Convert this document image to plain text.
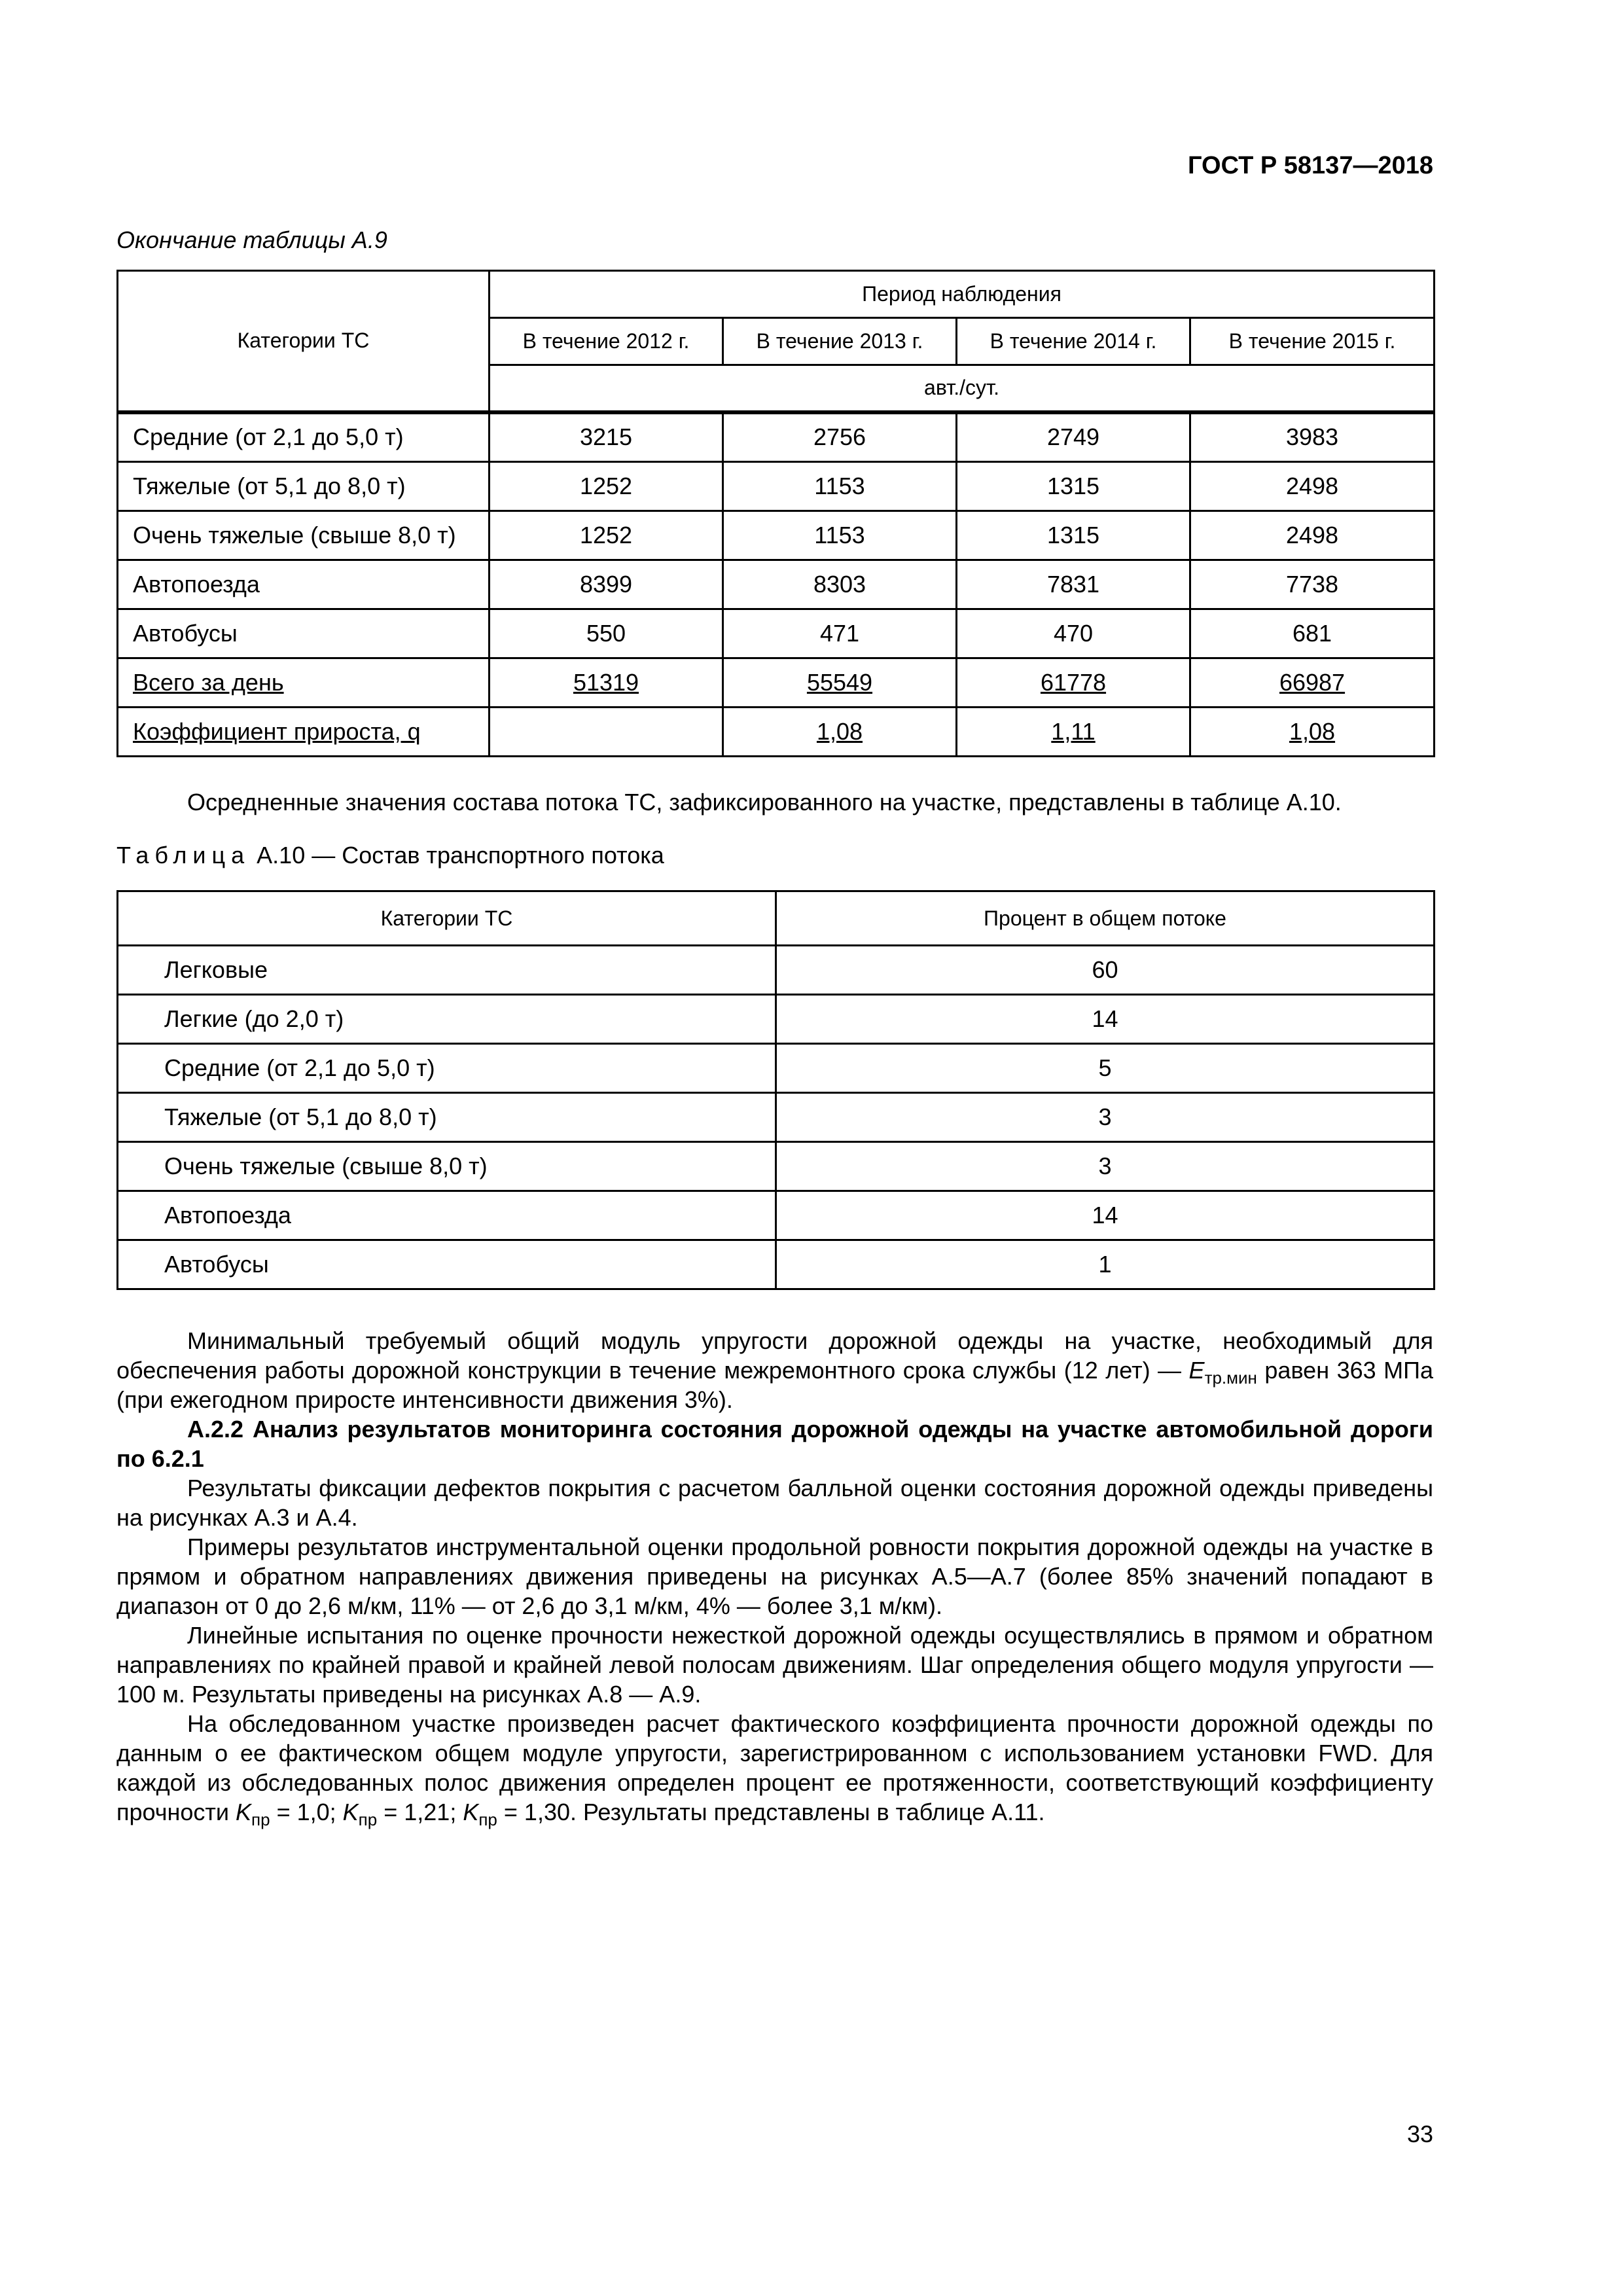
ГОСТ Р 58137—2018
Окончание таблицы А.9
Категории ТС	Период наблюдения			
	В течение 2012 г.	В течение 2013 г.	В течение 2014 г.	В течение 2015 г.
	авт./сут.			
Средние (от 2,1 до 5,0 т)	3215	2756	2749	3983
Тяжелые (от 5,1 до 8,0 т)	1252	1153	1315	2498
Очень тяжелые (свыше 8,0 т)	1252	1153	1315	2498
Автопоезда	8399	8303	7831	7738
Автобусы	550	471	470	681
Всего за день	51319	55549	61778	66987
Коэффициент прироста, q		1,08	1,11	1,08
Осредненные значения состава потока ТС, зафиксированного на участке, представлены в таблице А.10.
Таблица А.10 — Состав транспортного потока
Категории ТС	Процент в общем потоке
Легковые	60
Легкие (до 2,0 т)	14
Средние (от 2,1 до 5,0 т)	5
Тяжелые (от 5,1 до 8,0 т)	3
Очень тяжелые (свыше 8,0 т)	3
Автопоезда	14
Автобусы	1
Минимальный требуемый общий модуль упругости дорожной одежды на участке, необходимый для обеспечения работы дорожной конструкции в течение межремонтного срока службы (12 лет) — $E_{тр.мин}$ равен 363 МПа (при ежегодном приросте интенсивности движения 3%).
А.2.2 Анализ результатов мониторинга состояния дорожной одежды на участке автомобильной дороги по 6.2.1
Результаты фиксации дефектов покрытия с расчетом балльной оценки состояния дорожной одежды приведены на рисунках А.3 и А.4.
Примеры результатов инструментальной оценки продольной ровности покрытия дорожной одежды на участке в прямом и обратном направлениях движения приведены на рисунках А.5—А.7 (более 85% значений попадают в диапазон от 0 до 2,6 м/км, 11% — от 2,6 до 3,1 м/км, 4% — более 3,1 м/км).
Линейные испытания по оценке прочности нежесткой дорожной одежды осуществлялись в прямом и обратном направлениях по крайней правой и крайней левой полосам движениям. Шаг определения общего модуля упругости — 100 м. Результаты приведены на рисунках А.8 — А.9.
На обследованном участке произведен расчет фактического коэффициента прочности дорожной одежды по данным о ее фактическом общем модуле упругости, зарегистрированном с использованием установки FWD. Для каждой из обследованных полос движения определен процент ее протяженности, соответствующий коэффициенту прочности $K_{пр} = 1,0$; $K_{пр} = 1,21$; $K_{пр} = 1,30$. Результаты представлены в таблице А.11.
33
